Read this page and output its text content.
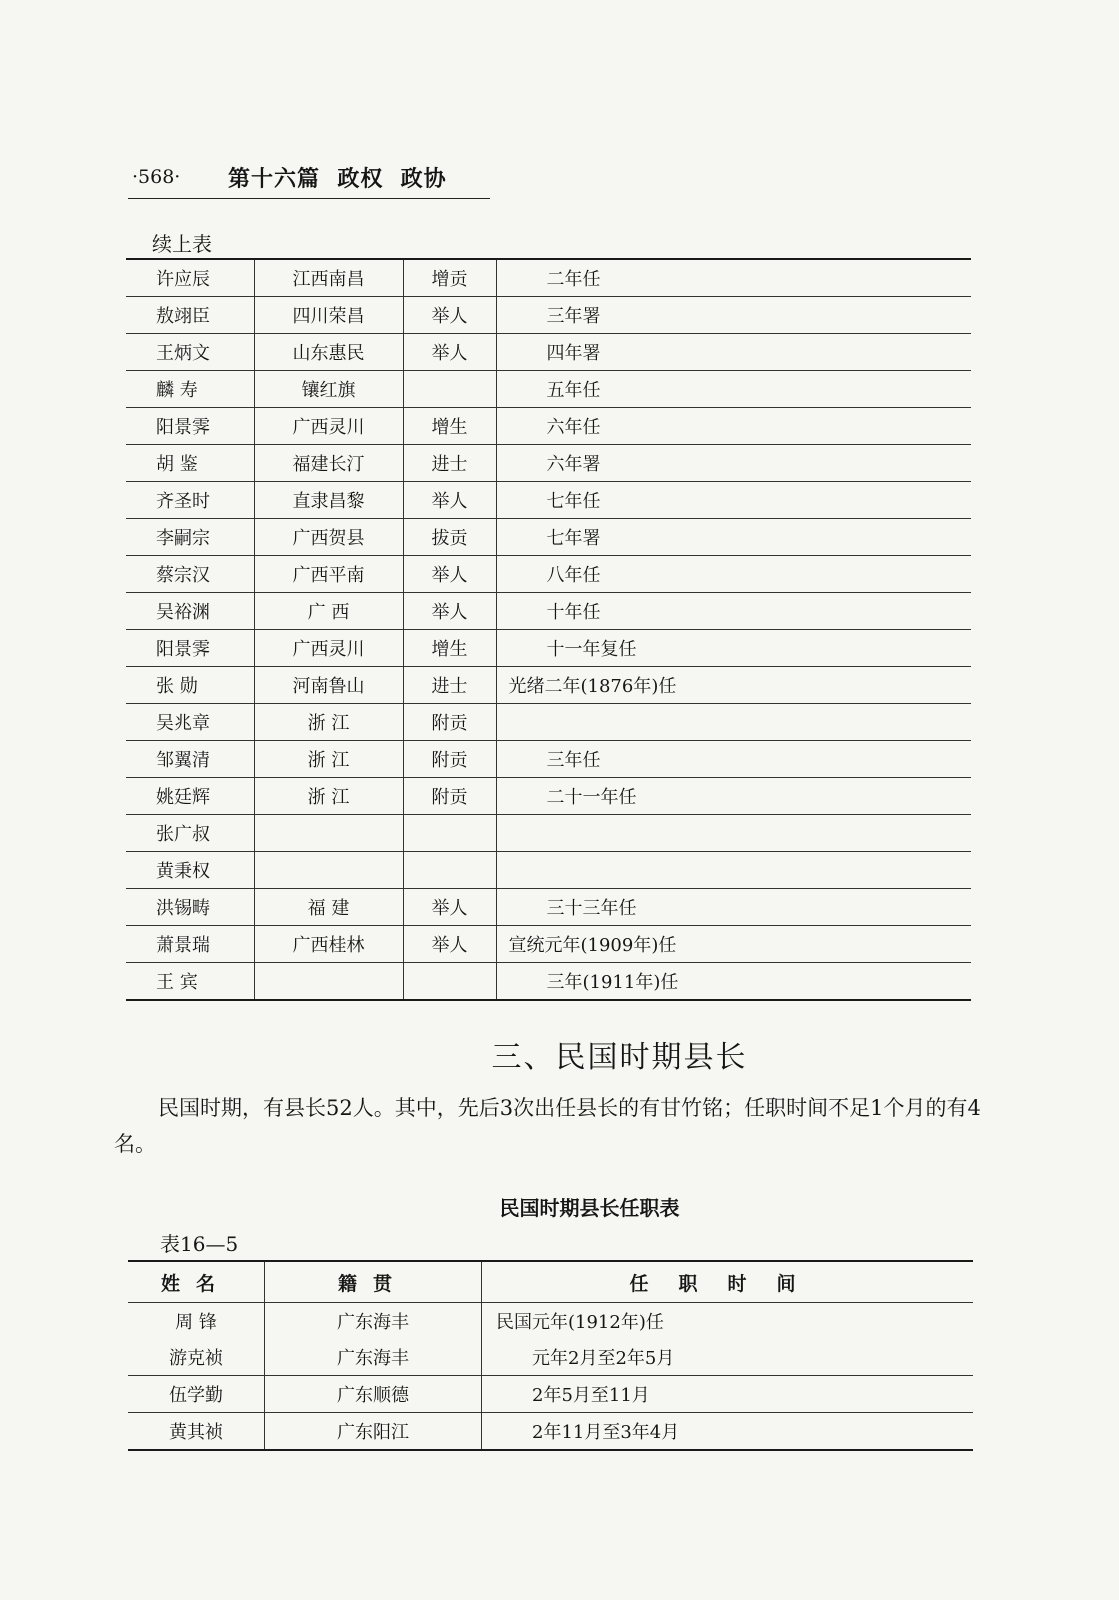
·568· 第十六篇  政权  政协
续上表
许应辰	江西南昌	增贡	二年任
敖翊臣	四川荣昌	举人	三年署
王炳文	山东惠民	举人	四年署
麟 寿	镶红旗		五年任
阳景霁	广西灵川	增生	六年任
胡 鉴	福建长汀	进士	六年署
齐圣时	直隶昌黎	举人	七年任
李嗣宗	广西贺县	拔贡	七年署
蔡宗汉	广西平南	举人	八年任
吴裕渊	广 西	举人	十年任
阳景霁	广西灵川	增生	十一年复任
张 勋	河南鲁山	进士	光绪二年(1876年)任
吴兆章	浙 江	附贡	
邹翼清	浙 江	附贡	三年任
姚廷辉	浙 江	附贡	二十一年任
张广叔			
黄秉权			
洪锡畴	福 建	举人	三十三年任
萧景瑞	广西桂林	举人	宣统元年(1909年)任
王 宾			三年(1911年)任
三、民国时期县长
民国时期，有县长52人。其中，先后3次出任县长的有甘竹铭；任职时间不足1个月的有4名。
民国时期县长任职表
表16—5
姓名	籍贯	任职时间
周 锋	广东海丰	民国元年(1912年)任
游克祯	广东海丰	元年2月至2年5月
伍学勤	广东顺德	2年5月至11月
黄其祯	广东阳江	2年11月至3年4月
